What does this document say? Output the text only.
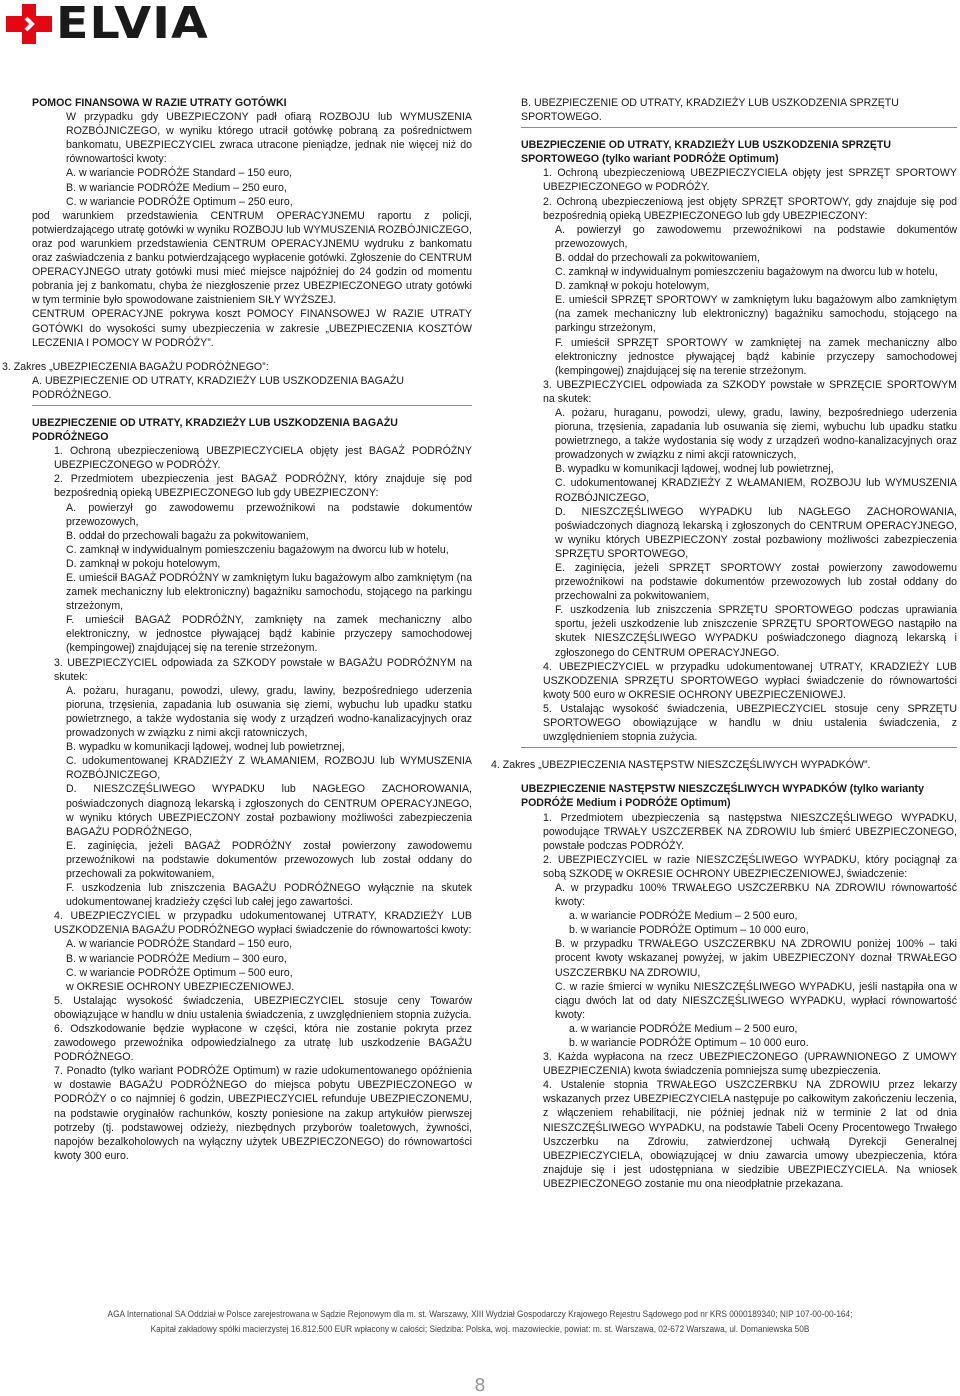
ELVIA
POMOC FINANSOWA W RAZIE UTRATY GOTÓWKI
W przypadku gdy UBEZPIECZONY padł ofiarą ROZBOJU lub WYMUSZENIA ROZBÓJNICZEGO, w wyniku którego utracił gotówkę pobraną za pośrednictwem bankomatu, UBEZPIECZYCIEL zwraca utracone pieniądze, jednak nie więcej niż do równowartości kwoty:
A. w wariancie PODRÓŻE Standard – 150 euro,
B. w wariancie PODRÓŻE Medium – 250 euro,
C. w wariancie PODRÓŻE Optimum – 250 euro,
pod warunkiem przedstawienia CENTRUM OPERACYJNEMU raportu z policji, potwierdzającego utratę gotówki w wyniku ROZBOJU lub WYMUSZENIA ROZBÓJNICZEGO, oraz pod warunkiem przedstawienia CENTRUM OPERACYJNEMU wydruku z bankomatu oraz zaświadczenia z banku potwierdzającego wypłacenie gotówki. Zgłoszenie do CENTRUM OPERACYJNEGO utraty gotówki musi mieć miejsce najpóźniej do 24 godzin od momentu pobrania jej z bankomatu, chyba że niezgłoszenie przez UBEZPIECZONEGO utraty gotówki w tym terminie było spowodowane zaistnieniem SIŁY WYŻSZEJ.
CENTRUM OPERACYJNE pokrywa koszt POMOCY FINANSOWEJ W RAZIE UTRATY GOTÓWKI do wysokości sumy ubezpieczenia w zakresie „UBEZPIECZENIA KOSZTÓW LECZENIA I POMOCY W PODRÓŻY”.
3. Zakres „UBEZPIECZENIA BAGAŻU PODRÓŻNEGO”:
A. UBEZPIECZENIE OD UTRATY, KRADZIEŻY LUB USZKODZENIA BAGAŻU PODRÓŻNEGO.
UBEZPIECZENIE OD UTRATY, KRADZIEŻY LUB USZKODZENIA BAGAŻU PODRÓŻNEGO
1. Ochroną ubezpieczeniową UBEZPIECZYCIELA objęty jest BAGAŻ PODRÓŻNY UBEZPIECZONEGO w PODRÓŻY.
2. Przedmiotem ubezpieczenia jest BAGAŻ PODRÓŻNY, który znajduje się pod bezpośrednią opieką UBEZPIECZONEGO lub gdy UBEZPIECZONY:
A. powierzył go zawodowemu przewoźnikowi na podstawie dokumentów przewozowych,
B. oddał do przechowali bagażu za pokwitowaniem,
C. zamknął w indywidualnym pomieszczeniu bagażowym na dworcu lub w hotelu,
D. zamknął w pokoju hotelowym,
E. umieścił BAGAŻ PODRÓŻNY w zamkniętym luku bagażowym albo zamkniętym (na zamek mechaniczny lub elektroniczny) bagażniku samochodu, stojącego na parkingu strzeżonym,
F. umieścił BAGAŻ PODRÓŻNY, zamknięty na zamek mechaniczny albo elektroniczny, w jednostce pływającej bądź kabinie przyczepy samochodowej (kempingowej) znajdującej się na terenie strzeżonym.
3. UBEZPIECZYCIEL odpowiada za SZKODY powstałe w BAGAŻU PODRÓŻNYM na skutek:
A. pożaru, huraganu, powodzi, ulewy, gradu, lawiny, bezpośredniego uderzenia pioruna, trzęsienia, zapadania lub osuwania się ziemi, wybuchu lub upadku statku powietrznego, a także wydostania się wody z urządzeń wodno-kanalizacyjnych oraz prowadzonych w związku z nimi akcji ratowniczych,
B. wypadku w komunikacji lądowej, wodnej lub powietrznej,
C. udokumentowanej KRADZIEŻY Z WŁAMANIEM, ROZBOJU lub WYMUSZENIA ROZBÓJNICZEGO,
D. NIESZCZĘŚLIWEGO WYPADKU lub NAGŁEGO ZACHOROWANIA, poświadczonych diagnozą lekarską i zgłoszonych do CENTRUM OPERACYJNEGO, w wyniku których UBEZPIECZONY został pozbawiony możliwości zabezpieczenia BAGAŻU PODRÓŻNEGO,
E. zaginięcia, jeżeli BAGAŻ PODRÓŻNY został powierzony zawodowemu przewoźnikowi na podstawie dokumentów przewozowych lub został oddany do przechowali za pokwitowaniem,
F. uszkodzenia lub zniszczenia BAGAŻU PODRÓŻNEGO wyłącznie na skutek udokumentowanej kradzieży części lub całej jego zawartości.
4. UBEZPIECZYCIEL w przypadku udokumentowanej UTRATY, KRADZIEŻY LUB USZKODZENIA BAGAŻU PODRÓŻNEGO wypłaci świadczenie do równowartości kwoty:
A. w wariancie PODRÓŻE Standard – 150 euro,
B. w wariancie PODRÓŻE Medium – 300 euro,
C. w wariancie PODRÓŻE Optimum – 500 euro,
w OKRESIE OCHRONY UBEZPIECZENIOWEJ.
5. Ustalając wysokość świadczenia, UBEZPIECZYCIEL stosuje ceny Towarów obowiązujące w handlu w dniu ustalenia świadczenia, z uwzględnieniem stopnia zużycia.
6. Odszkodowanie będzie wypłacone w części, która nie zostanie pokryta przez zawodowego przewoźnika odpowiedzialnego za utratę lub uszkodzenie BAGAŻU PODRÓŻNEGO.
7. Ponadto (tylko wariant PODRÓŻE Optimum) w razie udokumentowanego opóźnienia w dostawie BAGAŻU PODRÓŻNEGO do miejsca pobytu UBEZPIECZONEGO w PODRÓŻY o co najmniej 6 godzin, UBEZPIECZYCIEL refunduje UBEZPIECZONEMU, na podstawie oryginałów rachunków, koszty poniesione na zakup artykułów pierwszej potrzeby (tj. podstawowej odzieży, niezbędnych przyborów toaletowych, żywności, napojów bezalkoholowych na wyłączny użytek UBEZPIECZONEGO) do równowartości kwoty 300 euro.
B. UBEZPIECZENIE OD UTRATY, KRADZIEŻY LUB USZKODZENIA SPRZĘTU SPORTOWEGO.
UBEZPIECZENIE OD UTRATY, KRADZIEŻY LUB USZKODZENIA SPRZĘTU SPORTOWEGO (tylko wariant PODRÓŻE Optimum)
1. Ochroną ubezpieczeniową UBEZPIECZYCIELA objęty jest SPRZĘT SPORTOWY UBEZPIECZONEGO w PODRÓŻY.
2. Ochroną ubezpieczeniową jest objęty SPRZĘT SPORTOWY, gdy znajduje się pod bezpośrednią opieką UBEZPIECZONEGO lub gdy UBEZPIECZONY:
A. powierzył go zawodowemu przewoźnikowi na podstawie dokumentów przewozowych,
B. oddał do przechowali za pokwitowaniem,
C. zamknął w indywidualnym pomieszczeniu bagażowym na dworcu lub w hotelu,
D. zamknął w pokoju hotelowym,
E. umieścił SPRZĘT SPORTOWY w zamkniętym luku bagażowym albo zamkniętym (na zamek mechaniczny lub elektroniczny) bagażniku samochodu, stojącego na parkingu strzeżonym,
F. umieścił SPRZĘT SPORTOWY w zamkniętej na zamek mechaniczny albo elektroniczny jednostce pływającej bądź kabinie przyczepy samochodowej (kempingowej) znajdującej się na terenie strzeżonym.
3. UBEZPIECZYCIEL odpowiada za SZKODY powstałe w SPRZĘCIE SPORTOWYM na skutek:
A. pożaru, huraganu, powodzi, ulewy, gradu, lawiny, bezpośredniego uderzenia pioruna, trzęsienia, zapadania lub osuwania się ziemi, wybuchu lub upadku statku powietrznego, a także wydostania się wody z urządzeń wodno-kanalizacyjnych oraz prowadzonych w związku z nimi akcji ratowniczych,
B. wypadku w komunikacji lądowej, wodnej lub powietrznej,
C. udokumentowanej KRADZIEŻY Z WŁAMANIEM, ROZBOJU lub WYMUSZENIA ROZBÓJNICZEGO,
D. NIESZCZĘŚLIWEGO WYPADKU lub NAGŁEGO ZACHOROWANIA, poświadczonych diagnozą lekarską i zgłoszonych do CENTRUM OPERACYJNEGO, w wyniku których UBEZPIECZONY został pozbawiony możliwości zabezpieczenia SPRZĘTU SPORTOWEGO,
E. zaginięcia, jeżeli SPRZĘT SPORTOWY został powierzony zawodowemu przewoźnikowi na podstawie dokumentów przewozowych lub został oddany do przechowalni za pokwitowaniem,
F. uszkodzenia lub zniszczenia SPRZĘTU SPORTOWEGO podczas uprawiania sportu, jeżeli uszkodzenie lub zniszczenie SPRZĘTU SPORTOWEGO nastąpiło na skutek NIESZCZĘŚLIWEGO WYPADKU poświadczonego diagnozą lekarską i zgłoszonego do CENTRUM OPERACYJNEGO.
4. UBEZPIECZYCIEL w przypadku udokumentowanej UTRATY, KRADZIEŻY LUB USZKODZENIA SPRZĘTU SPORTOWEGO wypłaci świadczenie do równowartości kwoty 500 euro w OKRESIE OCHRONY UBEZPIECZENIOWEJ.
5. Ustalając wysokość świadczenia, UBEZPIECZYCIEL stosuje ceny SPRZĘTU SPORTOWEGO obowiązujące w handlu w dniu ustalenia świadczenia, z uwzględnieniem stopnia zużycia.
4. Zakres „UBEZPIECZENIA NASTĘPSTW NIESZCZĘŚLIWYCH WYPADKÓW”.
UBEZPIECZENIE NASTĘPSTW NIESZCZĘŚLIWYCH WYPADKÓW (tylko warianty PODRÓŻE Medium i PODRÓŻE Optimum)
1. Przedmiotem ubezpieczenia są następstwa NIESZCZĘŚLIWEGO WYPADKU, powodujące TRWAŁY USZCZERBEK NA ZDROWIU lub śmierć UBEZPIECZONEGO, powstałe podczas PODRÓŻY.
2. UBEZPIECZYCIEL w razie NIESZCZĘŚLIWEGO WYPADKU, który pociągnął za sobą SZKODĘ w OKRESIE OCHRONY UBEZPIECZENIOWEJ, świadczenie:
A. w przypadku 100% TRWAŁEGO USZCZERBKU NA ZDROWIU równowartość kwoty:
a. w wariancie PODRÓŻE Medium – 2 500 euro,
b. w wariancie PODRÓŻE Optimum – 10 000 euro,
B. w przypadku TRWAŁEGO USZCZERBKU NA ZDROWIU poniżej 100% – taki procent kwoty wskazanej powyżej, w jakim UBEZPIECZONY doznał TRWAŁEGO USZCZERBKU NA ZDROWIU,
C. w razie śmierci w wyniku NIESZCZĘŚLIWEGO WYPADKU, jeśli nastąpiła ona w ciągu dwóch lat od daty NIESZCZĘŚLIWEGO WYPADKU, wypłaci równowartość kwoty:
a. w wariancie PODRÓŻE Medium – 2 500 euro,
b. w wariancie PODRÓŻE Optimum – 10 000 euro.
3. Każda wypłacona na rzecz UBEZPIECZONEGO (UPRAWNIONEGO Z UMOWY UBEZPIECZENIA) kwota świadczenia pomniejsza sumę ubezpieczenia.
4. Ustalenie stopnia TRWAŁEGO USZCZERBKU NA ZDROWIU przez lekarzy wskazanych przez UBEZPIECZYCIELA następuje po całkowitym zakończeniu leczenia, z włączeniem rehabilitacji, nie później jednak niż w terminie 2 lat od dnia NIESZCZĘŚLIWEGO WYPADKU, na podstawie Tabeli Oceny Procentowego Trwałego Uszczerbku na Zdrowiu, zatwierdzonej uchwałą Dyrekcji Generalnej UBEZPIECZYCIELA, obowiązującej w dniu zawarcia umowy ubezpieczenia, która znajduje się i jest udostępniana w siedzibie UBEZPIECZYCIELA. Na wniosek UBEZPIECZONEGO zostanie mu ona nieodpłatnie przekazana.
AGA International SA Oddział w Polsce zarejestrowana w Sądzie Rejonowym dla m. st. Warszawy, XIII Wydział Gospodarczy Krajowego Rejestru Sądowego pod nr KRS 0000189340; NIP 107-00-00-164;
Kapitał zakładowy spółki macierzystej 16.812.500 EUR wpłacony w całości; Siedziba: Polska, woj. mazowieckie, powiat: m. st. Warszawa, 02-672 Warszawa, ul. Domaniewska 50B
8
